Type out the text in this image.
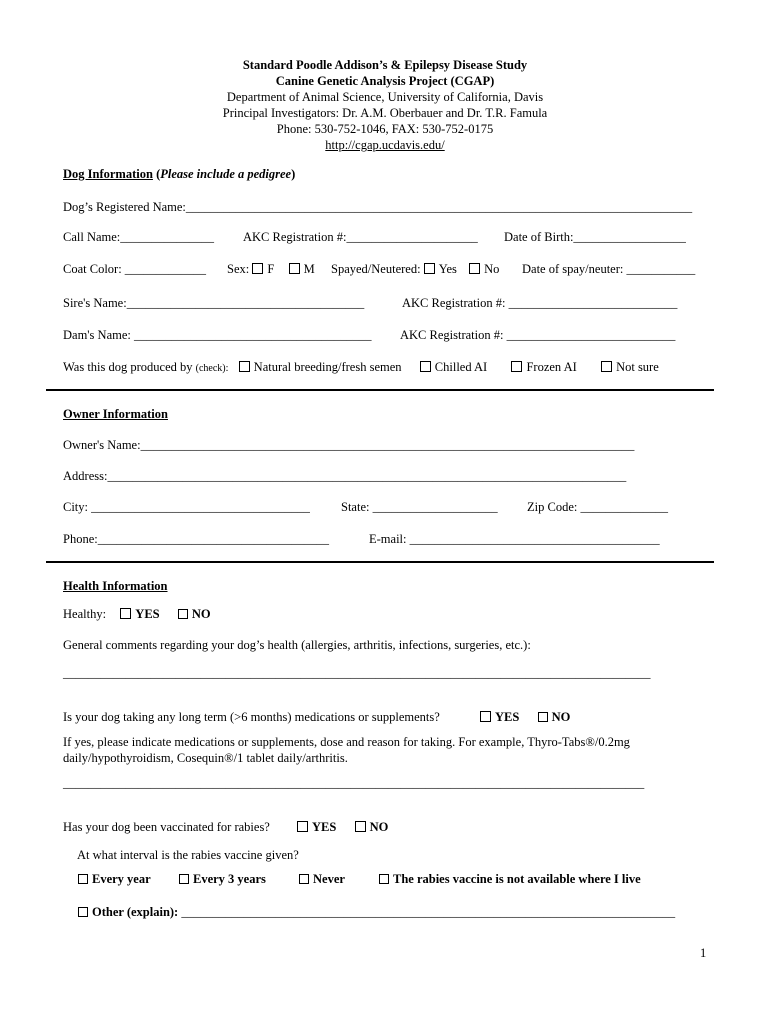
Standard Poodle Addison’s & Epilepsy Disease Study
Canine Genetic Analysis Project (CGAP)
Department of Animal Science, University of California, Davis
Principal Investigators: Dr. A.M. Oberbauer and Dr. T.R. Famula
Phone: 530-752-1046, FAX: 530-752-0175
http://cgap.ucdavis.edu/
Dog Information (Please include a pedigree)
Dog’s Registered Name:_________________________________________________________________________________
Call Name:_______________ AKC Registration #:_____________________ Date of Birth:__________________
Coat Color: _____________ Sex: F M Spayed/Neutered: Yes No Date of spay/neuter: ___________
Sire's Name:______________________________________	AKC Registration #: ___________________________
Dam's Name: ______________________________________ AKC Registration #: ___________________________
Was this dog produced by (check): Natural breeding/fresh semen	Chilled AI	Frozen AI	Not sure
Owner Information
Owner's Name:_______________________________________________________________________________
Address:___________________________________________________________________________________
City: ___________________________________ State: ____________________ Zip Code: ______________
Phone:_____________________________________	E-mail: ________________________________________
Health Information
Healthy: YES	NO
General comments regarding your dog’s health (allergies, arthritis, infections, surgeries, etc.):
______________________________________________________________________________________________
Is your dog taking any long term (>6 months) medications or supplements?	YES	NO
If yes, please indicate medications or supplements, dose and reason for taking. For example, Thyro-Tabs®/0.2mg
daily/hypothyroidism, Cosequin®/1 tablet daily/arthritis.
_____________________________________________________________________________________________
Has your dog been vaccinated for rabies?	YES	NO
At what interval is the rabies vaccine given?
Every year	Every 3 years	Never	The rabies vaccine is not available where I live
Other (explain): _______________________________________________________________________________
1
